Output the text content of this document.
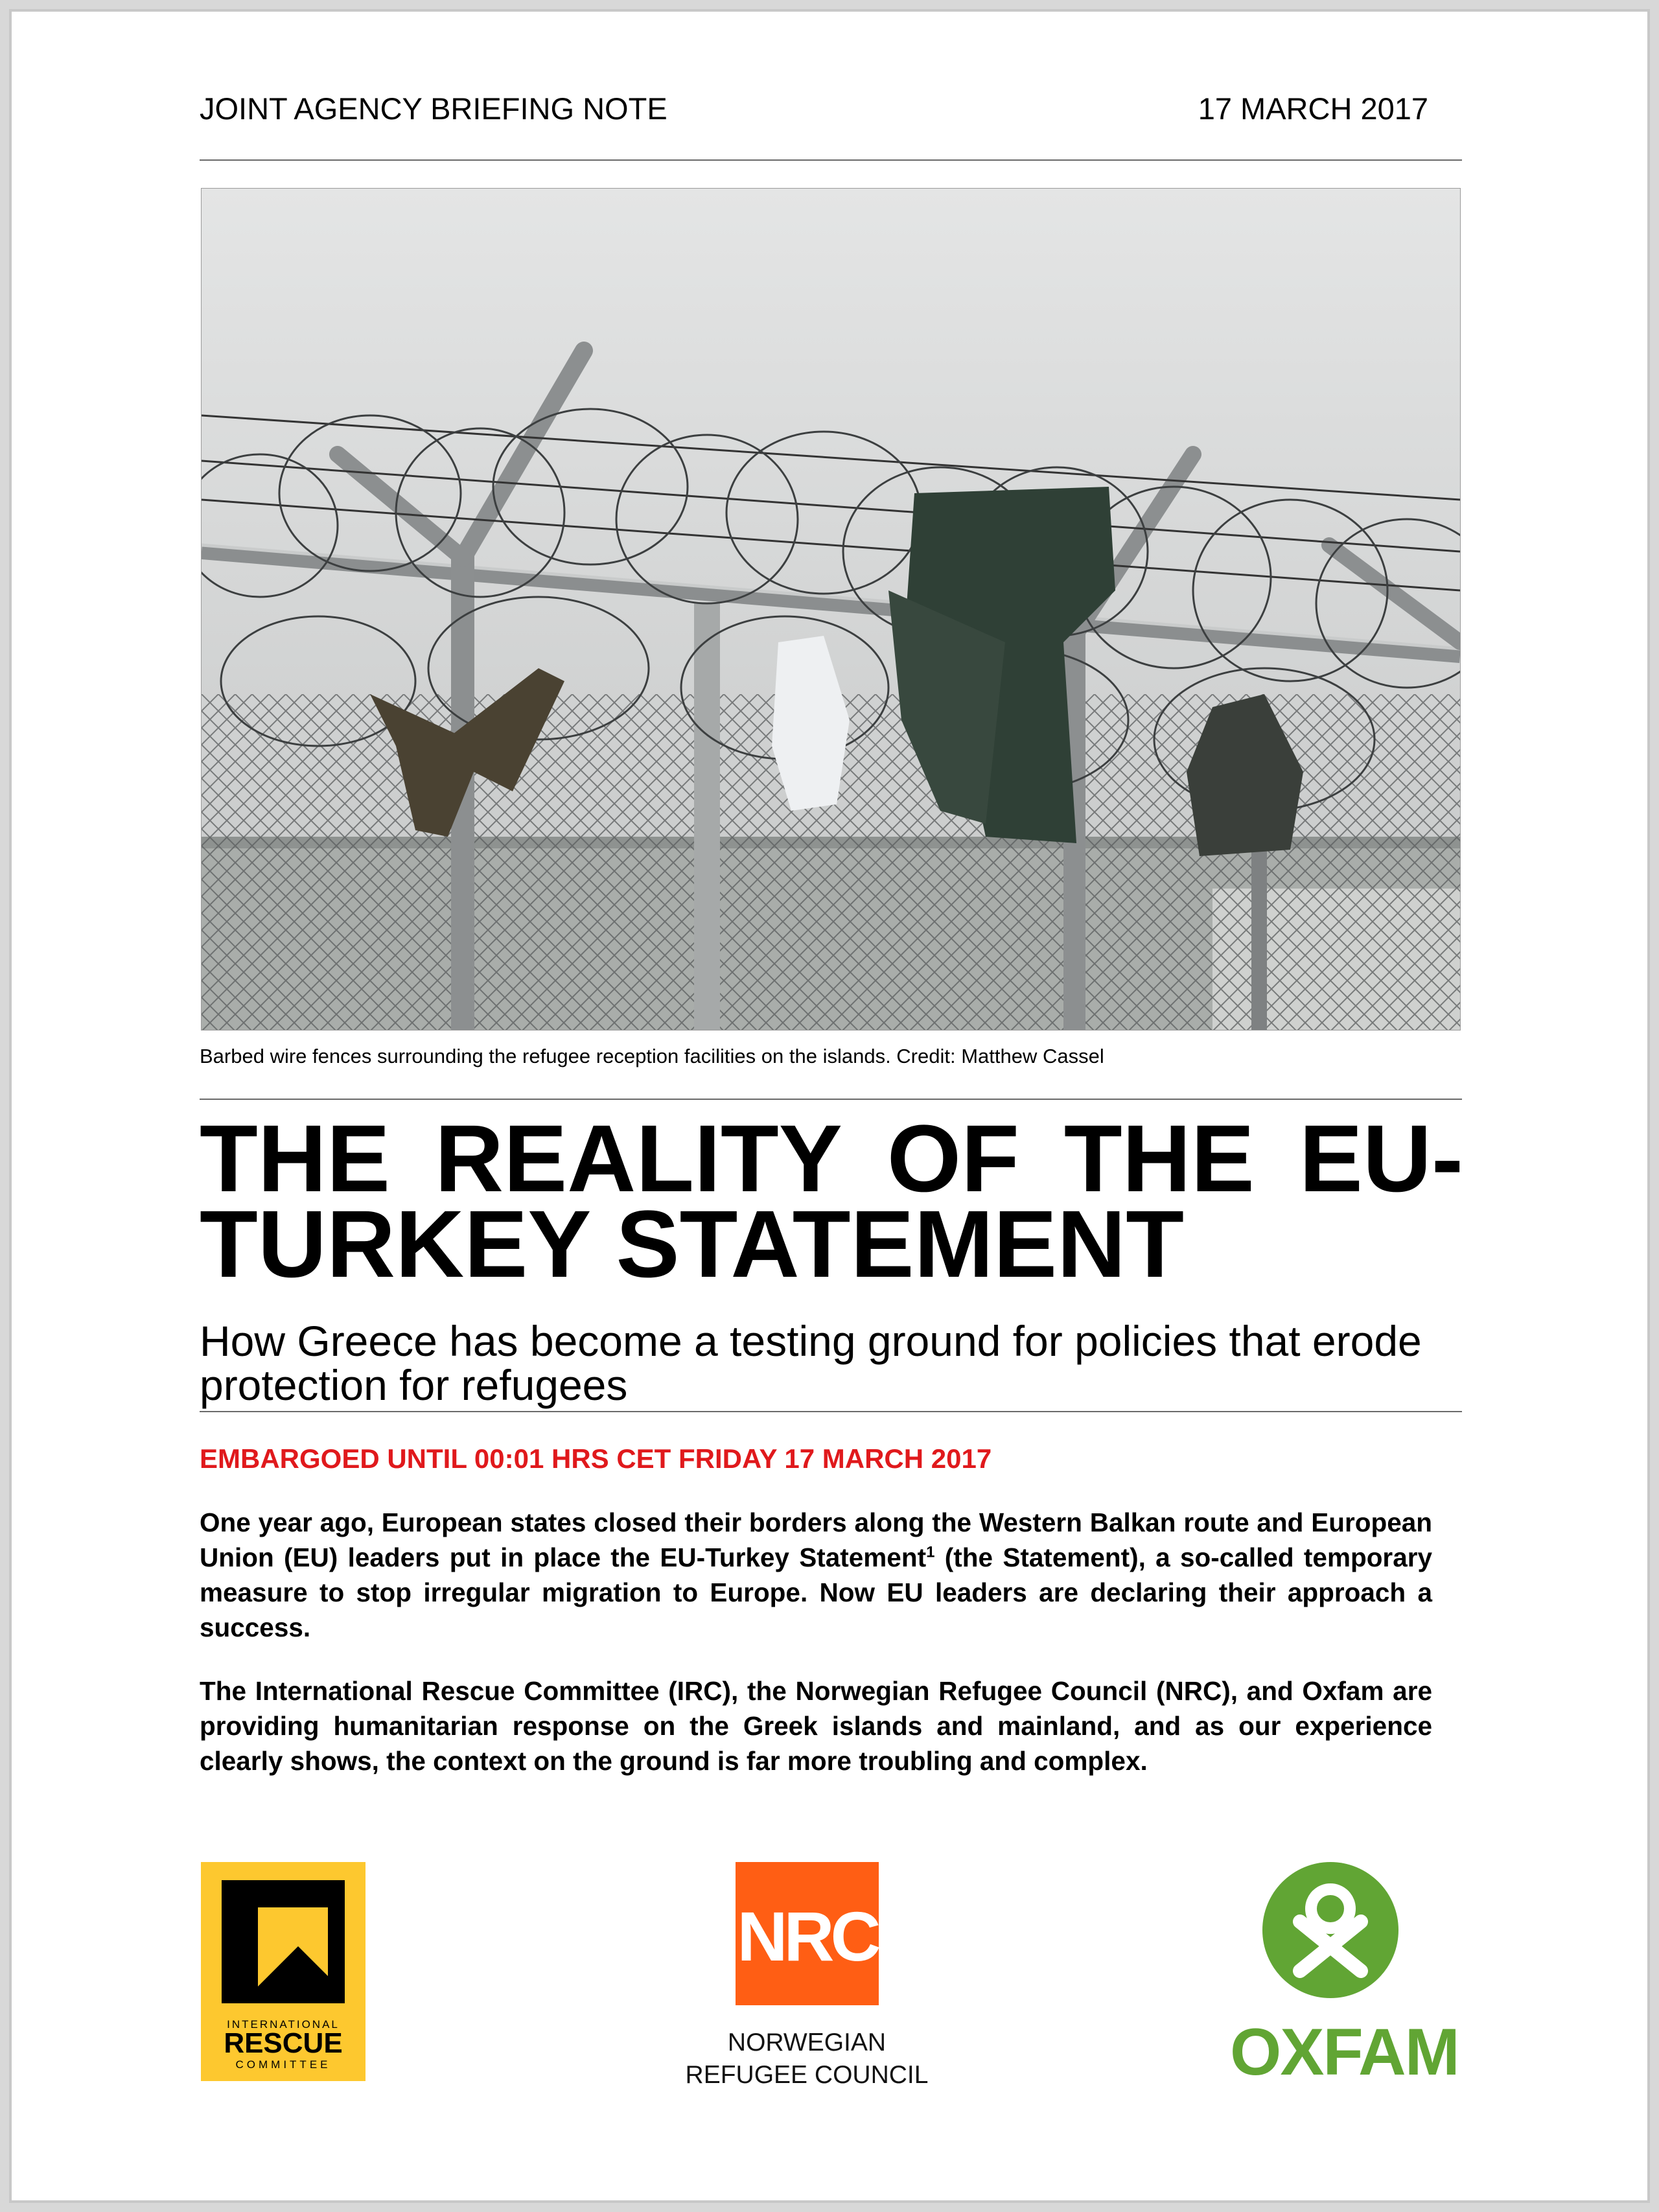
JOINT AGENCY BRIEFING NOTE	17 MARCH 2017
Barbed wire fences surrounding the refugee reception facilities on the islands. Credit: Matthew Cassel
THE REALITY OF THE EU-
TURKEY STATEMENT

How Greece has become a testing ground for policies that erode protection for refugees

EMBARGOED UNTIL 00:01 HRS CET FRIDAY 17 MARCH 2017

One year ago, European states closed their borders along the Western Balkan route and European Union (EU) leaders put in place the EU-Turkey Statement$^1$ (the Statement), a so-called temporary measure to stop irregular migration to Europe. Now EU leaders are declaring their approach a success.

The International Rescue Committee (IRC), the Norwegian Refugee Council (NRC), and Oxfam are providing humanitarian response on the Greek islands and mainland, and as our experience clearly shows, the context on the ground is far more troubling and complex.

INTERNATIONAL
RESCUE
COMMITTEE
NRC
NORWEGIAN
REFUGEE COUNCIL	OXFAM
